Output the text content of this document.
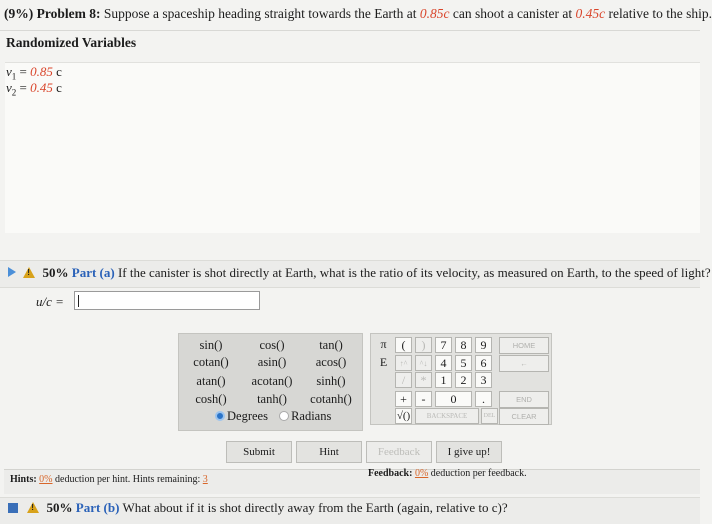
(9%) Problem 8: Suppose a spaceship heading straight towards the Earth at 0.85c can shoot a canister at 0.45c relative to the ship.
Randomized Variables
$v_1 = 0.85$ c
$v_2 = 0.45$ c
! 50% Part (a) If the canister is shot directly at Earth, what is the ratio of its velocity, as measured on Earth, to the speed of light?
u/c =
sin()	cos()	tan()
cotan()	asin()	acos()
atan()	acotan()	sinh()
cosh()	tanh()	cotanh()
Degrees Radians
π	(	)	7	8	9
E	↑^	^↓	4	5	6
/	*	1	2	3
+	-	0	.
√()	BACKSPACE	DEL
HOME
←
END
CLEAR
Submit	Hint	Feedback	I give up!
Hints: 0% deduction per hint. Hints remaining: 3
Feedback: 0% deduction per feedback.
! 50% Part (b) What about if it is shot directly away from the Earth (again, relative to c)?
